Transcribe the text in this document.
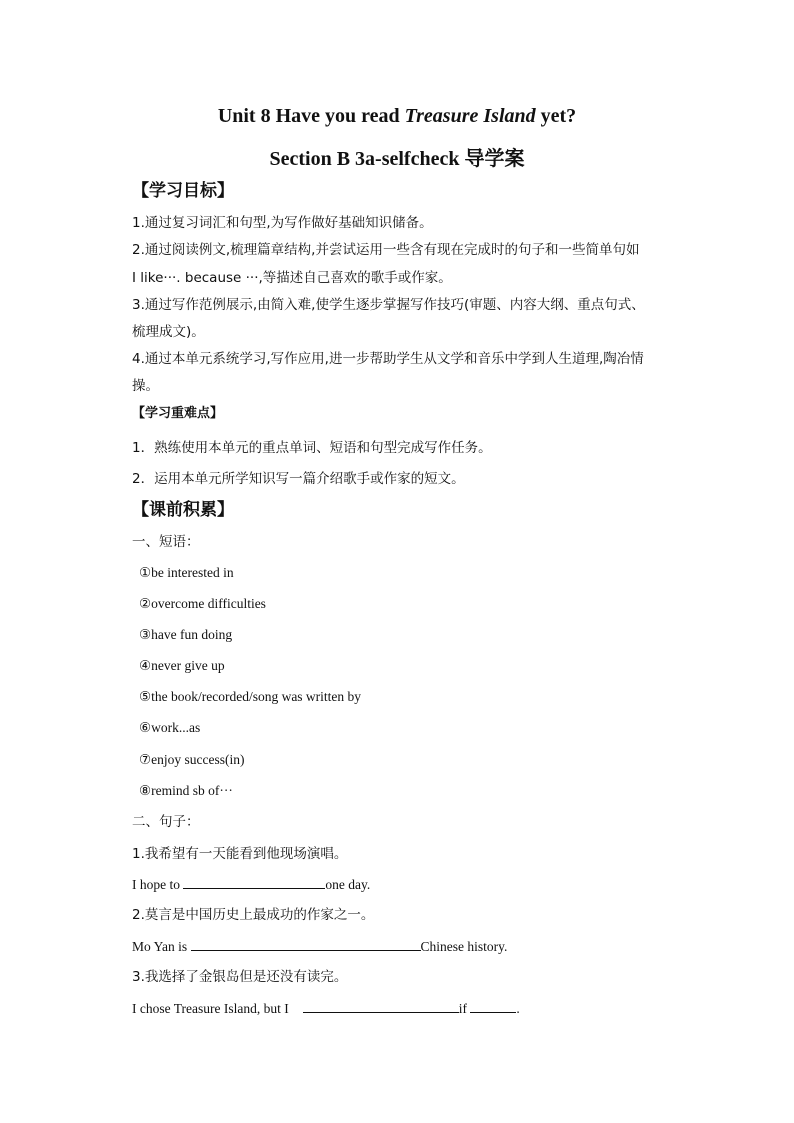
Unit 8 Have you read Treasure Island yet?
Section B 3a-selfcheck 导学案
【学习目标】
1.通过复习词汇和句型,为写作做好基础知识储备。
2.通过阅读例文,梳理篇章结构,并尝试运用一些含有现在完成时的句子和一些简单句如
I like···. because ···,等描述自己喜欢的歌手或作家。
3.通过写作范例展示,由简入难,使学生逐步掌握写作技巧(审题、内容大纲、重点句式、
梳理成文)。
4.通过本单元系统学习,写作应用,进一步帮助学生从文学和音乐中学到人生道理,陶冶情
操。
【学习重难点】
1．熟练使用本单元的重点单词、短语和句型完成写作任务。
2．运用本单元所学知识写一篇介绍歌手或作家的短文。
【课前积累】
一、短语：
①be interested in
②overcome difficulties
③have fun doing
④never give up
⑤the book/recorded/song was written by
⑥work...as
⑦enjoy success(in)
⑧remind sb of···
二、句子：
1.我希望有一天能看到他现场演唱。
I hope to	one day.
2.莫言是中国历史上最成功的作家之一。
Mo Yan is	Chinese history.
3.我选择了金银岛但是还没有读完。
I chose Treasure Island, but I	if	.
